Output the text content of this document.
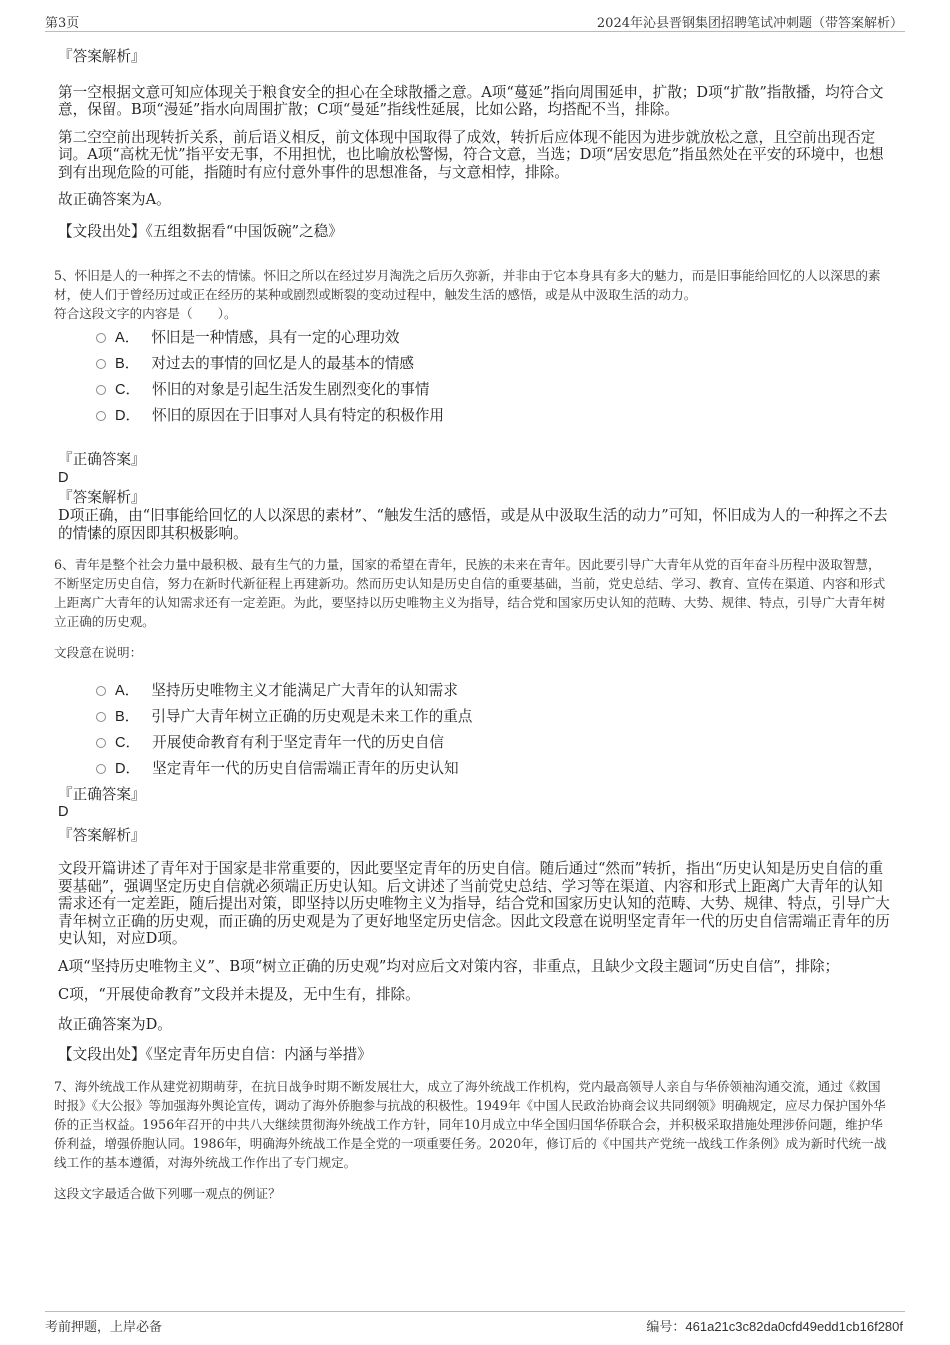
第3页	2024年沁县晋钢集团招聘笔试冲刺题（带答案解析）

『答案解析』

第一空根据文意可知应体现关于粮食安全的担心在全球散播之意。A项“蔓延”指向周围延申，扩散；D项“扩散”指散播，均符合文意，保留。B项“漫延”指水向周围扩散；C项“曼延”指线性延展，比如公路，均搭配不当，排除。

第二空空前出现转折关系，前后语义相反，前文体现中国取得了成效，转折后应体现不能因为进步就放松之意，且空前出现否定词。A项“高枕无忧”指平安无事，不用担忧，也比喻放松警惕，符合文意，当选；D项“居安思危”指虽然处在平安的环境中，也想到有出现危险的可能，指随时有应付意外事件的思想准备，与文意相悖，排除。

故正确答案为A。

【文段出处】《五组数据看“中国饭碗”之稳》

5、怀旧是人的一种挥之不去的情愫。怀旧之所以在经过岁月淘洗之后历久弥新，并非由于它本身具有多大的魅力，而是旧事能给回忆的人以深思的素材，使人们于曾经历过或正在经历的某种或剧烈或断裂的变动过程中，触发生活的感悟，或是从中汲取生活的动力。

符合这段文字的内容是（　　）。

A． 怀旧是一种情感，具有一定的心理功效
B． 对过去的事情的回忆是人的最基本的情感
C． 怀旧的对象是引起生活发生剧烈变化的事情
D． 怀旧的原因在于旧事对人具有特定的积极作用

『正确答案』

D

『答案解析』

D项正确，由“旧事能给回忆的人以深思的素材”、“触发生活的感悟，或是从中汲取生活的动力”可知，怀旧成为人的一种挥之不去的情愫的原因即其积极影响。

6、青年是整个社会力量中最积极、最有生气的力量，国家的希望在青年，民族的未来在青年。因此要引导广大青年从党的百年奋斗历程中汲取智慧，不断坚定历史自信，努力在新时代新征程上再建新功。然而历史认知是历史自信的重要基础，当前，党史总结、学习、教育、宣传在渠道、内容和形式上距离广大青年的认知需求还有一定差距。为此，要坚持以历史唯物主义为指导，结合党和国家历史认知的范畴、大势、规律、特点，引导广大青年树立正确的历史观。

文段意在说明：

A． 坚持历史唯物主义才能满足广大青年的认知需求
B． 引导广大青年树立正确的历史观是未来工作的重点
C． 开展使命教育有利于坚定青年一代的历史自信
D． 坚定青年一代的历史自信需端正青年的历史认知

『正确答案』

D

『答案解析』

文段开篇讲述了青年对于国家是非常重要的，因此要坚定青年的历史自信。随后通过“然而”转折，指出“历史认知是历史自信的重要基础”，强调坚定历史自信就必须端正历史认知。后文讲述了当前党史总结、学习等在渠道、内容和形式上距离广大青年的认知需求还有一定差距，随后提出对策，即坚持以历史唯物主义为指导，结合党和国家历史认知的范畴、大势、规律、特点，引导广大青年树立正确的历史观，而正确的历史观是为了更好地坚定历史信念。因此文段意在说明坚定青年一代的历史自信需端正青年的历史认知，对应D项。

A项“坚持历史唯物主义”、B项“树立正确的历史观”均对应后文对策内容，非重点，且缺少文段主题词“历史自信”，排除；

C项，“开展使命教育”文段并未提及，无中生有，排除。

故正确答案为D。

【文段出处】《坚定青年历史自信：内涵与举措》

7、海外统战工作从建党初期萌芽，在抗日战争时期不断发展壮大，成立了海外统战工作机构，党内最高领导人亲自与华侨领袖沟通交流，通过《救国时报》《大公报》等加强海外舆论宣传，调动了海外侨胞参与抗战的积极性。1949年《中国人民政治协商会议共同纲领》明确规定，应尽力保护国外华侨的正当权益。1956年召开的中共八大继续贯彻海外统战工作方针，同年10月成立中华全国归国华侨联合会，并积极采取措施处理涉侨问题，维护华侨利益，增强侨胞认同。1986年，明确海外统战工作是全党的一项重要任务。2020年，修订后的《中国共产党统一战线工作条例》成为新时代统一战线工作的基本遵循，对海外统战工作作出了专门规定。

这段文字最适合做下列哪一观点的例证？

考前押题，上岸必备	编号：461a21c3c82da0cfd49edd1cb16f280f
